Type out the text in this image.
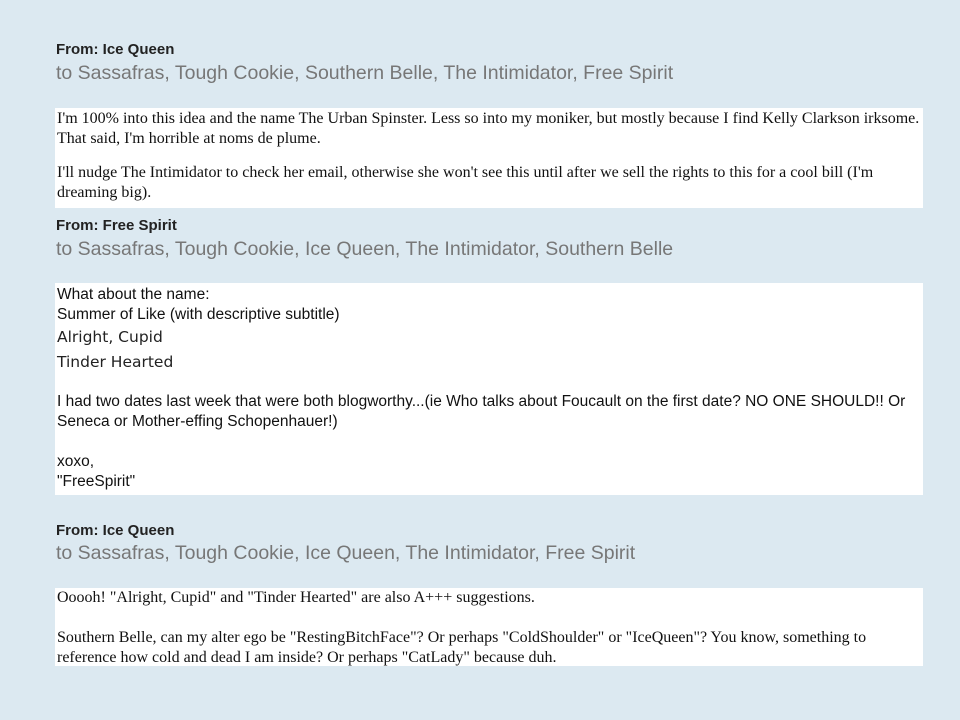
From: Ice Queen
to Sassafras, Tough Cookie, Southern Belle, The Intimidator, Free Spirit

I'm 100% into this idea and the name The Urban Spinster. Less so into my moniker, but mostly because I find Kelly Clarkson irksome. That said, I'm horrible at noms de plume.

I'll nudge The Intimidator to check her email, otherwise she won't see this until after we sell the rights to this for a cool bill (I'm dreaming big).

From: Free Spirit
to Sassafras, Tough Cookie, Ice Queen, The Intimidator, Southern Belle
What about the name:
Summer of Like (with descriptive subtitle)
Alright, Cupid
Tinder Hearted
I had two dates last week that were both blogworthy...(ie Who talks about Foucault on the first date? NO ONE SHOULD!! Or Seneca or Mother-effing Schopenhauer!)
xoxo,
"FreeSpirit"
From: Ice Queen
to Sassafras, Tough Cookie, Ice Queen, The Intimidator, Free Spirit

Ooooh! "Alright, Cupid" and "Tinder Hearted" are also A+++ suggestions.

Southern Belle, can my alter ego be "RestingBitchFace"? Or perhaps "ColdShoulder" or "IceQueen"? You know, something to reference how cold and dead I am inside? Or perhaps "CatLady" because duh.
